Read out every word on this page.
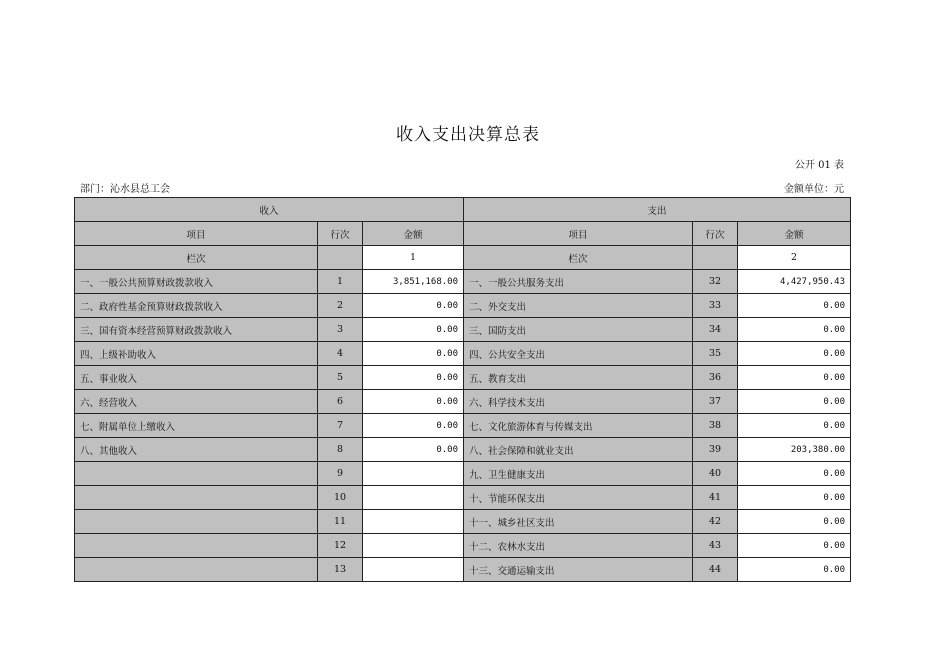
收入支出决算总表
公开 01 表
部门：沁水县总工会	金额单位：元
收入			支出		
项目	行次	金额	项目	行次	金额
栏次		1	栏次		2
一、一般公共预算财政拨款收入	1	3,851,168.00	一、一般公共服务支出	32	4,427,950.43
二、政府性基金预算财政拨款收入	2	0.00	二、外交支出	33	0.00
三、国有资本经营预算财政拨款收入	3	0.00	三、国防支出	34	0.00
四、上级补助收入	4	0.00	四、公共安全支出	35	0.00
五、事业收入	5	0.00	五、教育支出	36	0.00
六、经营收入	6	0.00	六、科学技术支出	37	0.00
七、附属单位上缴收入	7	0.00	七、文化旅游体育与传媒支出	38	0.00
八、其他收入	8	0.00	八、社会保障和就业支出	39	203,380.00
	9		九、卫生健康支出	40	0.00
	10		十、节能环保支出	41	0.00
	11		十一、城乡社区支出	42	0.00
	12		十二、农林水支出	43	0.00
	13		十三、交通运输支出	44	0.00
